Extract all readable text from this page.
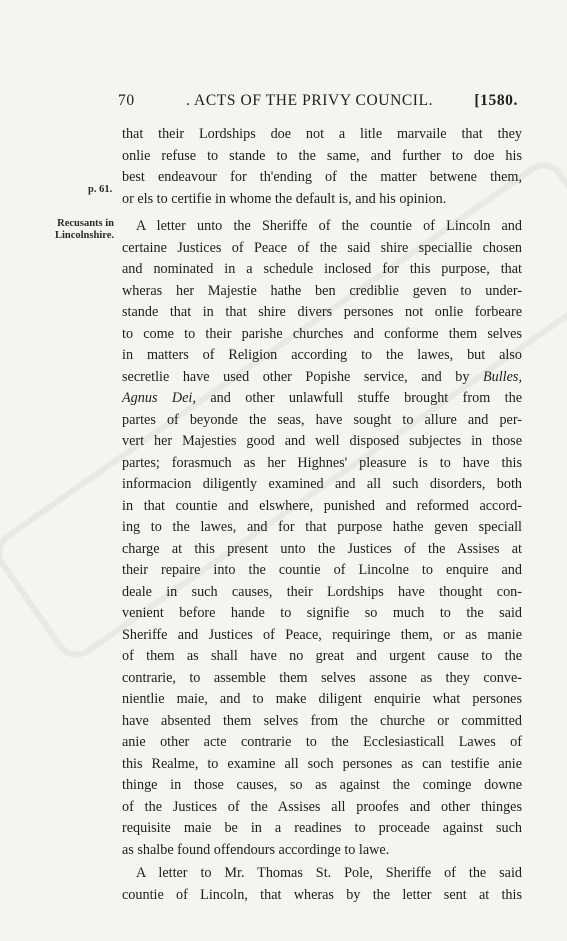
70	. ACTS OF THE PRIVY COUNCIL.	[1580.
p. 61.
Recusants in
Lincolnshire.
that their Lordships doe not a litle marvaile that they
onlie refuse to stande to the same, and further to doe his
best endeavour for th'ending of the matter betwene them,
or els to certifie in whome the default is, and his opinion.
A letter unto the Sheriffe of the countie of Lincoln and
certaine Justices of Peace of the said shire speciallie chosen
and nominated in a schedule inclosed for this purpose, that
wheras her Majestie hathe ben crediblie geven to under-
stande that in that shire divers persones not onlie forbeare
to come to their parishe churches and conforme them selves
in matters of Religion according to the lawes, but also
secretlie have used other Popishe service, and by Bulles,
Agnus Dei, and other unlawfull stuffe brought from the
partes of beyonde the seas, have sought to allure and per-
vert her Majesties good and well disposed subjectes in those
partes; forasmuch as her Highnes' pleasure is to have this
informacion diligently examined and all such disorders, both
in that countie and elswhere, punished and reformed accord-
ing to the lawes, and for that purpose hathe geven speciall
charge at this present unto the Justices of the Assises at
their repaire into the countie of Lincolne to enquire and
deale in such causes, their Lordships have thought con-
venient before hande to signifie so much to the said
Sheriffe and Justices of Peace, requiringe them, or as manie
of them as shall have no great and urgent cause to the
contrarie, to assemble them selves assone as they conve-
nientlie maie, and to make diligent enquirie what persones
have absented them selves from the churche or committed
anie other acte contrarie to the Ecclesiasticall Lawes of
this Realme, to examine all soch persones as can testifie anie
thinge in those causes, so as against the cominge downe
of the Justices of the Assises all proofes and other thinges
requisite maie be in a readines to proceade against such
as shalbe found offendours accordinge to lawe.
A letter to Mr. Thomas St. Pole, Sheriffe of the said
countie of Lincoln, that wheras by the letter sent at this
